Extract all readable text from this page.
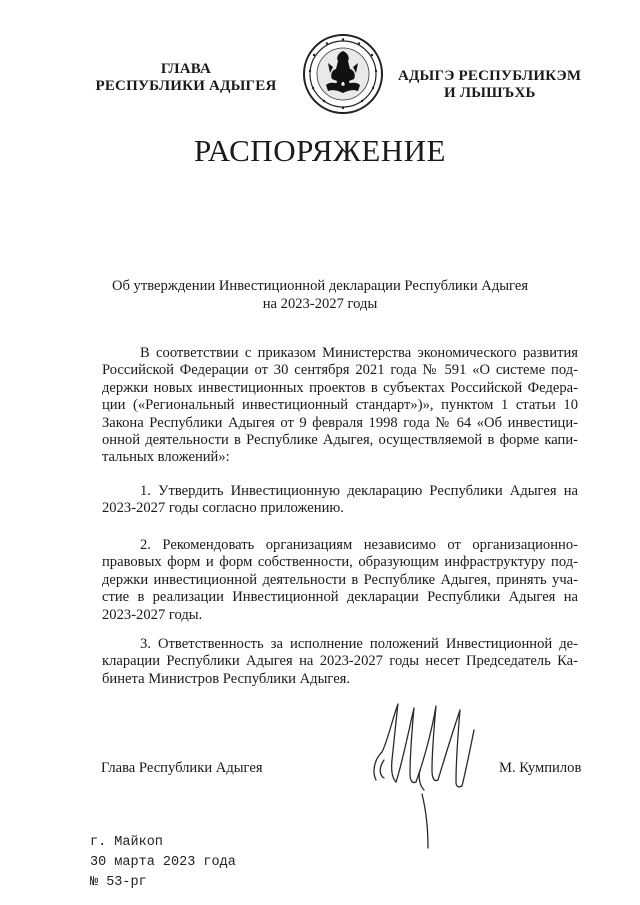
ГЛАВА
РЕСПУБЛИКИ АДЫГЕЯ
АДЫГЭ РЕСПУБЛИКЭМ
И ЛЫШЪХЬ
РАСПОРЯЖЕНИЕ
Об утверждении Инвестиционной декларации Республики Адыгея
на 2023-2027 годы
В соответствии с приказом Министерства экономического развития
Российской Федерации от 30 сентября 2021 года № 591 «О системе под-
держки новых инвестиционных проектов в субъектах Российской Федера-
ции («Региональный инвестиционный стандарт»)», пунктом 1 статьи 10
Закона Республики Адыгея от 9 февраля 1998 года № 64 «Об инвестици-
онной деятельности в Республике Адыгея, осуществляемой в форме капи-
тальных вложений»:
1. Утвердить Инвестиционную декларацию Республики Адыгея на
2023-2027 годы согласно приложению.
2. Рекомендовать организациям независимо от организационно-
правовых форм и форм собственности, образующим инфраструктуру под-
держки инвестиционной деятельности в Республике Адыгея, принять уча-
стие в реализации Инвестиционной декларации Республики Адыгея на
2023-2027 годы.
3. Ответственность за исполнение положений Инвестиционной де-
кларации Республики Адыгея на 2023-2027 годы несет Председатель Ка-
бинета Министров Республики Адыгея.
Глава Республики Адыгея	М. Кумпилов
г. Майкоп
30 марта 2023 года
№ 53-рг
